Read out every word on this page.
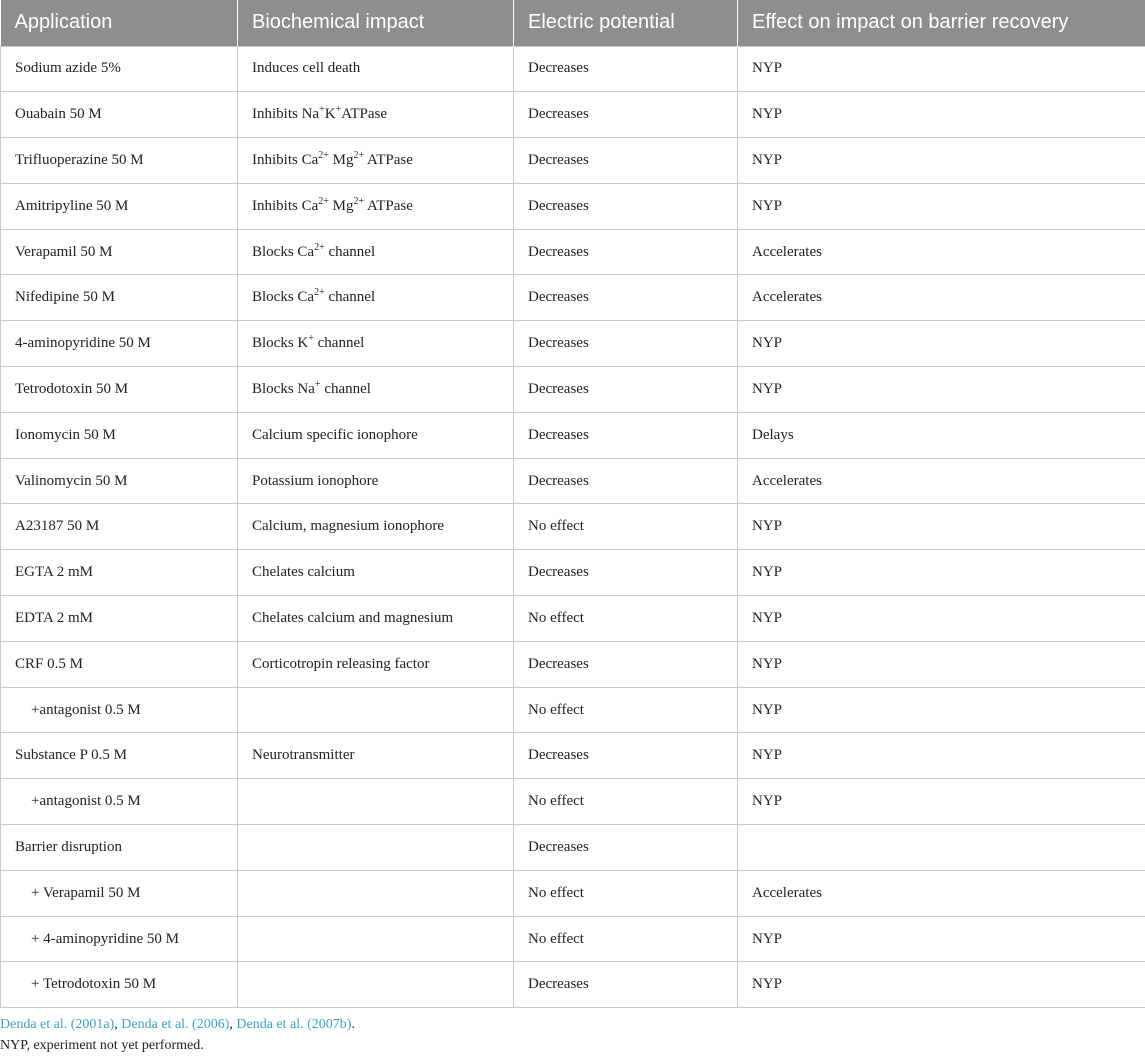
Application	Biochemical impact	Electric potential	Effect on impact on barrier recovery
Sodium azide 5%	Induces cell death	Decreases	NYP
Ouabain 50 M	Inhibits Na+K+ATPase	Decreases	NYP
Trifluoperazine 50 M	Inhibits $Ca^{2+}$ $Mg^{2+}$ ATPase	Decreases	NYP
Amitripyline 50 M	Inhibits $Ca^{2+}$ $Mg^{2+}$ ATPase	Decreases	NYP
Verapamil 50 M	Blocks $Ca^{2+}$ channel	Decreases	Accelerates
Nifedipine 50 M	Blocks $Ca^{2+}$ channel	Decreases	Accelerates
4-aminopyridine 50 M	Blocks K+ channel	Decreases	NYP
Tetrodotoxin 50 M	Blocks Na+ channel	Decreases	NYP
Ionomycin 50 M	Calcium specific ionophore	Decreases	Delays
Valinomycin 50 M	Potassium ionophore	Decreases	Accelerates
A23187 50 M	Calcium, magnesium ionophore	No effect	NYP
EGTA 2 mM	Chelates calcium	Decreases	NYP
EDTA 2 mM	Chelates calcium and magnesium	No effect	NYP
CRF 0.5 M	Corticotropin releasing factor	Decreases	NYP
+antagonist 0.5 M		No effect	NYP
Substance P 0.5 M	Neurotransmitter	Decreases	NYP
+antagonist 0.5 M		No effect	NYP
Barrier disruption		Decreases	
+ Verapamil 50 M		No effect	Accelerates
+ 4-aminopyridine 50 M		No effect	NYP
+ Tetrodotoxin 50 M		Decreases	NYP
Denda et al. (2001a), Denda et al. (2006), Denda et al. (2007b).
NYP, experiment not yet performed.
